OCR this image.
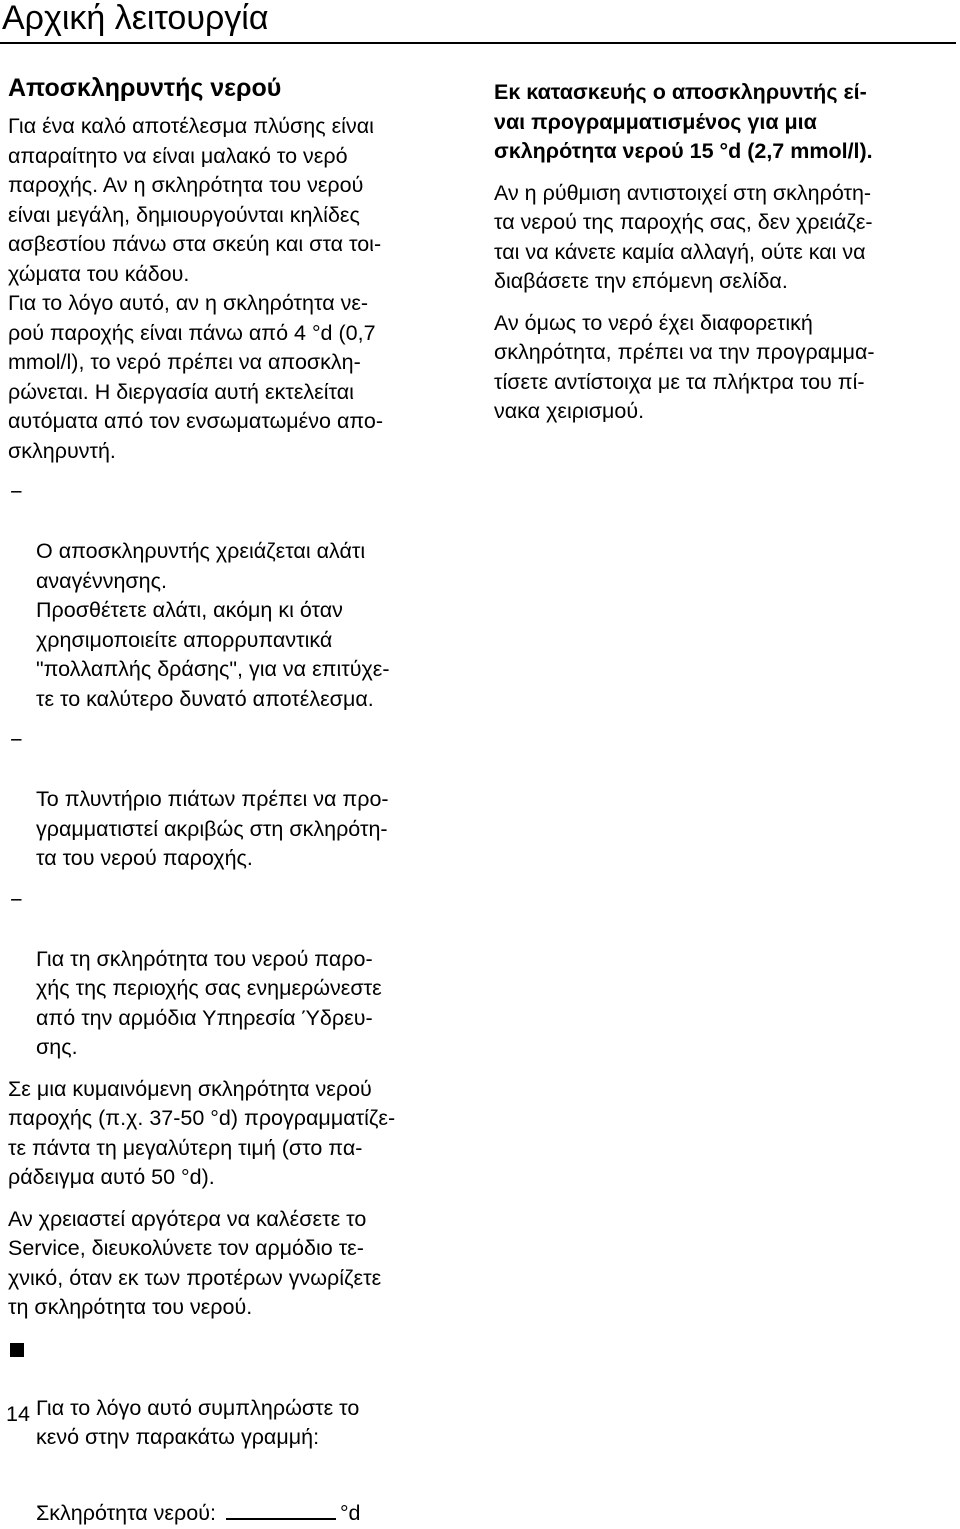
Αρχική λειτουργία
Αποσκληρυντής νερού

Για ένα καλό αποτέλεσμα πλύσης είναι
απαραίτητο να είναι μαλακό το νερό
παροχής. Αν η σκληρότητα του νερού
είναι μεγάλη, δημιουργούνται κηλίδες
ασβεστίου πάνω στα σκεύη και στα τοι-
χώματα του κάδου.
Για το λόγο αυτό, αν η σκληρότητα νε-
ρού παροχής είναι πάνω από 4 °d (0,7
mmol/l), το νερό πρέπει να αποσκλη-
ρώνεται. Η διεργασία αυτή εκτελείται
αυτόματα από τον ενσωματωμένο απο-
σκληρυντή.

−

Ο αποσκληρυντής χρειάζεται αλάτι
αναγέννησης.
Προσθέτετε αλάτι, ακόμη κι όταν
χρησιμοποιείτε απορρυπαντικά
"πολλαπλής δράσης", για να επιτύχε-
τε το καλύτερο δυνατό αποτέλεσμα.

−

Το πλυντήριο πιάτων πρέπει να προ-
γραμματιστεί ακριβώς στη σκληρότη-
τα του νερού παροχής.

−

Για τη σκληρότητα του νερού παρο-
χής της περιοχής σας ενημερώνεστε
από την αρμόδια Υπηρεσία Ύδρευ-
σης.

Σε μια κυμαινόμενη σκληρότητα νερού
παροχής (π.χ. 37-50 °d) προγραμματίζε-
τε πάντα τη μεγαλύτερη τιμή (στο πα-
ράδειγμα αυτό 50 °d).

Αν χρειαστεί αργότερα να καλέσετε το
Service, διευκολύνετε τον αρμόδιο τε-
χνικό, όταν εκ των προτέρων γνωρίζετε
τη σκληρότητα του νερού.

Για το λόγο αυτό συμπληρώστε το
κενό στην παρακάτω γραμμή:

Σκληρότητα νερού:	°d

Εκ κατασκευής ο αποσκληρυντής εί-
ναι προγραμματισμένος για μια
σκληρότητα νερού 15 °d (2,7 mmol/l).

Αν η ρύθμιση αντιστοιχεί στη σκληρότη-
τα νερού της παροχής σας, δεν χρειάζε-
ται να κάνετε καμία αλλαγή, ούτε και να
διαβάσετε την επόμενη σελίδα.

Αν όμως το νερό έχει διαφορετική
σκληρότητα, πρέπει να την προγραμμα-
τίσετε αντίστοιχα με τα πλήκτρα του πί-
νακα χειρισμού.

14
